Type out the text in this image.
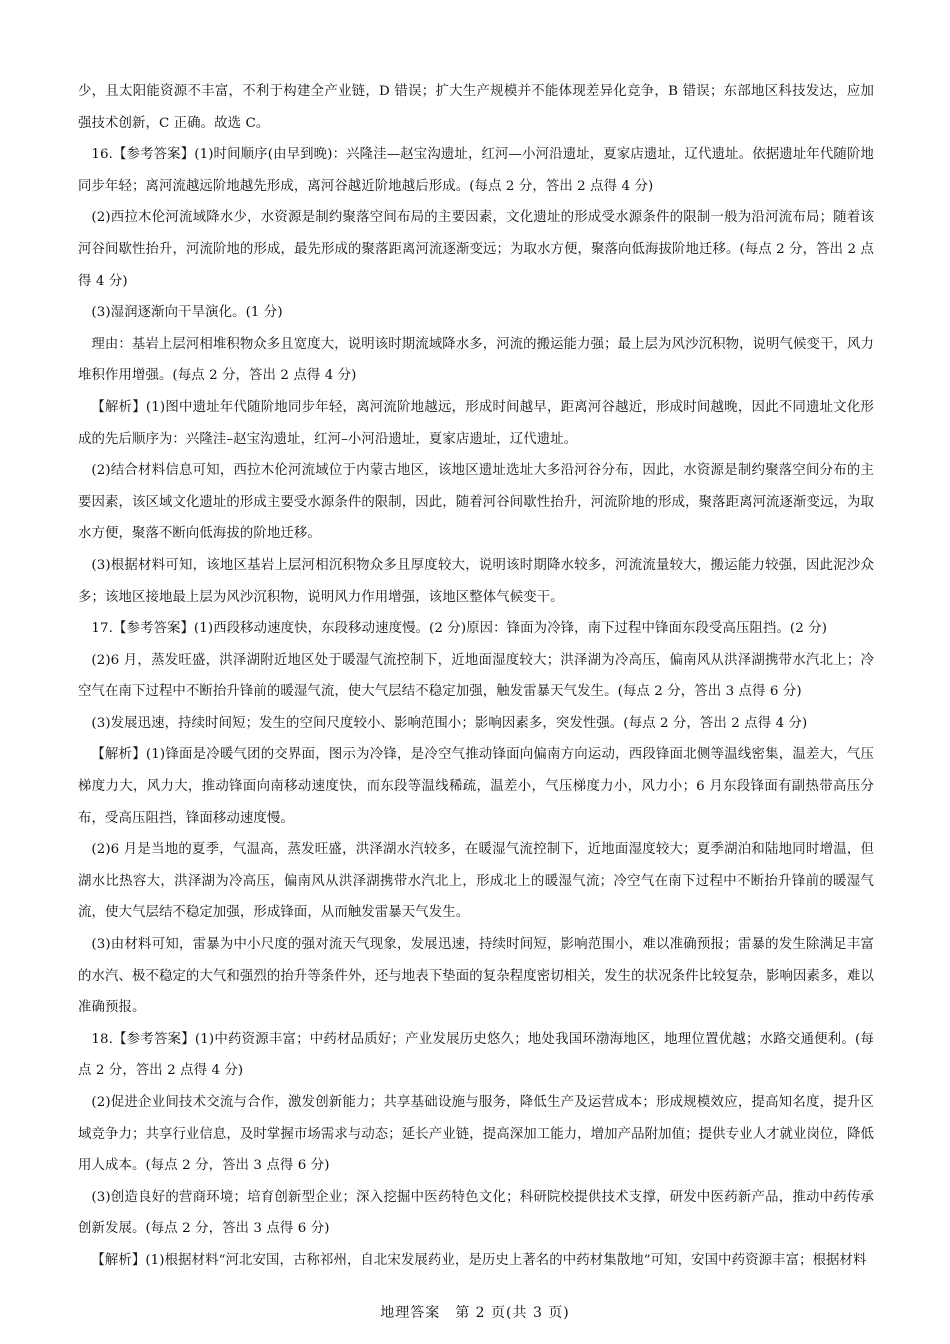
少，且太阳能资源不丰富，不利于构建全产业链，D 错误；扩大生产规模并不能体现差异化竞争，B 错误；东部地区科技发达，应加强技术创新，C 正确。故选 C。

16.【参考答案】(1)时间顺序(由早到晚)：兴隆洼—赵宝沟遗址，红河—小河沿遗址，夏家店遗址，辽代遗址。依据遗址年代随阶地同步年轻；离河流越远阶地越先形成，离河谷越近阶地越后形成。(每点 2 分，答出 2 点得 4 分)

(2)西拉木伦河流域降水少，水资源是制约聚落空间布局的主要因素，文化遗址的形成受水源条件的限制一般为沿河流布局；随着该河谷间歇性抬升，河流阶地的形成，最先形成的聚落距离河流逐渐变远；为取水方便，聚落向低海拔阶地迁移。(每点 2 分，答出 2 点得 4 分)

(3)湿润逐渐向干旱演化。(1 分)

理由：基岩上层河相堆积物众多且宽度大，说明该时期流域降水多，河流的搬运能力强；最上层为风沙沉积物，说明气候变干，风力堆积作用增强。(每点 2 分，答出 2 点得 4 分)

【解析】(1)图中遗址年代随阶地同步年轻，离河流阶地越远，形成时间越早，距离河谷越近，形成时间越晚，因此不同遗址文化形成的先后顺序为：兴隆洼–赵宝沟遗址，红河–小河沿遗址，夏家店遗址，辽代遗址。

(2)结合材料信息可知，西拉木伦河流域位于内蒙古地区，该地区遗址选址大多沿河谷分布，因此，水资源是制约聚落空间分布的主要因素，该区域文化遗址的形成主要受水源条件的限制，因此，随着河谷间歇性抬升，河流阶地的形成，聚落距离河流逐渐变远，为取水方便，聚落不断向低海拔的阶地迁移。

(3)根据材料可知，该地区基岩上层河相沉积物众多且厚度较大，说明该时期降水较多，河流流量较大，搬运能力较强，因此泥沙众多；该地区接地最上层为风沙沉积物，说明风力作用增强，该地区整体气候变干。

17.【参考答案】(1)西段移动速度快，东段移动速度慢。(2 分)原因：锋面为冷锋，南下过程中锋面东段受高压阻挡。(2 分)

(2)6 月，蒸发旺盛，洪泽湖附近地区处于暖湿气流控制下，近地面湿度较大；洪泽湖为冷高压，偏南风从洪泽湖携带水汽北上；冷空气在南下过程中不断抬升锋前的暖湿气流，使大气层结不稳定加强，触发雷暴天气发生。(每点 2 分，答出 3 点得 6 分)

(3)发展迅速，持续时间短；发生的空间尺度较小、影响范围小；影响因素多，突发性强。(每点 2 分，答出 2 点得 4 分)

【解析】(1)锋面是冷暖气团的交界面，图示为冷锋，是冷空气推动锋面向偏南方向运动，西段锋面北侧等温线密集，温差大，气压梯度力大，风力大，推动锋面向南移动速度快，而东段等温线稀疏，温差小，气压梯度力小，风力小；6 月东段锋面有副热带高压分布，受高压阻挡，锋面移动速度慢。

(2)6 月是当地的夏季，气温高，蒸发旺盛，洪泽湖水汽较多，在暖湿气流控制下，近地面湿度较大；夏季湖泊和陆地同时增温，但湖水比热容大，洪泽湖为冷高压，偏南风从洪泽湖携带水汽北上，形成北上的暖湿气流；冷空气在南下过程中不断抬升锋前的暖湿气流，使大气层结不稳定加强，形成锋面，从而触发雷暴天气发生。

(3)由材料可知，雷暴为中小尺度的强对流天气现象，发展迅速，持续时间短，影响范围小，难以准确预报；雷暴的发生除满足丰富的水汽、极不稳定的大气和强烈的抬升等条件外，还与地表下垫面的复杂程度密切相关，发生的状况条件比较复杂，影响因素多，难以准确预报。

18.【参考答案】(1)中药资源丰富；中药材品质好；产业发展历史悠久；地处我国环渤海地区，地理位置优越；水路交通便利。(每点 2 分，答出 2 点得 4 分)

(2)促进企业间技术交流与合作，激发创新能力；共享基础设施与服务，降低生产及运营成本；形成规模效应，提高知名度，提升区域竞争力；共享行业信息，及时掌握市场需求与动态；延长产业链，提高深加工能力，增加产品附加值；提供专业人才就业岗位，降低用人成本。(每点 2 分，答出 3 点得 6 分)

(3)创造良好的营商环境；培育创新型企业；深入挖掘中医药特色文化；科研院校提供技术支撑，研发中医药新产品，推动中药传承创新发展。(每点 2 分，答出 3 点得 6 分)

【解析】(1)根据材料“河北安国，古称祁州，自北宋发展药业，是历史上著名的中药材集散地”可知，安国中药资源丰富；根据材料

地理答案　第 2 页(共 3 页)
